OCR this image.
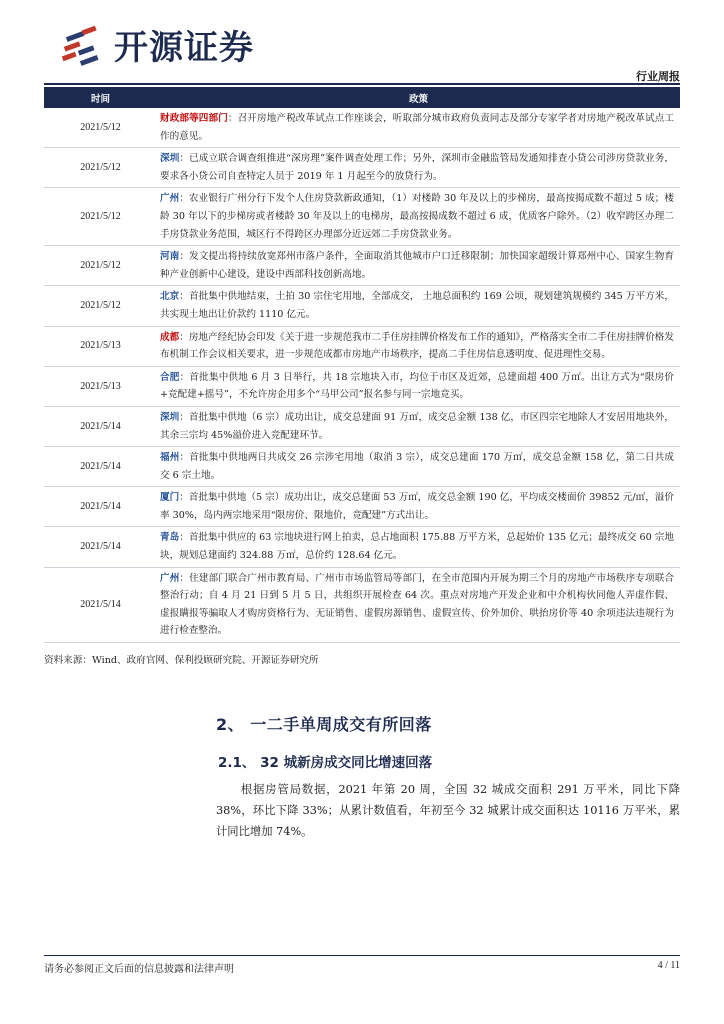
开源证券
行业周报
时间	政策
2021/5/12	财政部等四部门：召开房地产税改革试点工作座谈会，听取部分城市政府负责同志及部分专家学者对房地产税改革试点工作的意见。
2021/5/12	深圳：已成立联合调查组推进“深房理”案件调查处理工作；另外，深圳市金融监管局发通知排查小贷公司涉房贷款业务，要求各小贷公司自查特定人员于 2019 年 1 月起至今的放贷行为。
2021/5/12	广州：农业银行广州分行下发个人住房贷款新政通知，（1）对楼龄 30 年及以上的步梯房，最高按揭成数不超过 5 成；楼龄 30 年以下的步梯房或者楼龄 30 年及以上的电梯房，最高按揭成数不超过 6 成，优质客户除外。（2）收窄跨区办理二手房贷款业务范围，城区行不得跨区办理部分近远郊二手房贷款业务。
2021/5/12	河南：发文提出将持续放宽郑州市落户条件，全面取消其他城市户口迁移限制；加快国家超级计算郑州中心、国家生物育种产业创新中心建设，建设中西部科技创新高地。
2021/5/12	北京：首批集中供地结束，土拍 30 宗住宅用地，全部成交， 土地总面积约 169 公顷，规划建筑规模约 345 万平方米，共实现土地出让价款约 1110 亿元。
2021/5/13	成都：房地产经纪协会印发《关于进一步规范我市二手住房挂牌价格发布工作的通知》，严格落实全市二手住房挂牌价格发布机制工作会议相关要求，进一步规范成都市房地产市场秩序，提高二手住房信息透明度、促进理性交易。
2021/5/13	合肥：首批集中供地 6 月 3 日举行，共 18 宗地块入市，均位于市区及近郊，总建面超 400 万㎡。出让方式为“限房价+竞配建+摇号”，不允许房企用多个“马甲公司”报名参与同一宗地竞买。
2021/5/14	深圳：首批集中供地（6 宗）成功出让，成交总建面 91 万㎡，成交总金额 138 亿，市区四宗宅地除人才安居用地块外，其余三宗均 45%溢价进入竞配建环节。
2021/5/14	福州：首批集中供地两日共成交 26 宗涉宅用地（取消 3 宗），成交总建面 170 万㎡，成交总金额 158 亿，第二日共成交 6 宗土地。
2021/5/14	厦门：首批集中供地（5 宗）成功出让，成交总建面 53 万㎡，成交总金额 190 亿，平均成交楼面价 39852 元/㎡，溢价率 30%，岛内两宗地采用“限房价、限地价，竞配建”方式出让。
2021/5/14	青岛：首批集中供应的 63 宗地块进行网上拍卖，总占地面积 175.88 万平方米，总起始价 135 亿元；最终成交 60 宗地块，规划总建面约 324.88 万㎡，总价约 128.64 亿元。
2021/5/14	广州：住建部门联合广州市教育局、广州市市场监管局等部门，在全市范围内开展为期三个月的房地产市场秩序专项联合整治行动；自 4 月 21 日到 5 月 5 日，共组织开展检查 64 次。重点对房地产开发企业和中介机构伙同他人弄虚作假、虚报瞒报等骗取人才购房资格行为、无证销售、虚假房源销售、虚假宣传、价外加价、哄抬房价等 40 余项违法违规行为进行检查整治。
资料来源：Wind、政府官网、保利投顾研究院、开源证券研究所
2、 一二手单周成交有所回落
2.1、 32 城新房成交同比增速回落
根据房管局数据，2021 年第 20 周，全国 32 城成交面积 291 万平米，同比下降 38%，环比下降 33%；从累计数值看，年初至今 32 城累计成交面积达 10116 万平米，累计同比增加 74%。
请务必参阅正文后面的信息披露和法律声明	4 / 11
